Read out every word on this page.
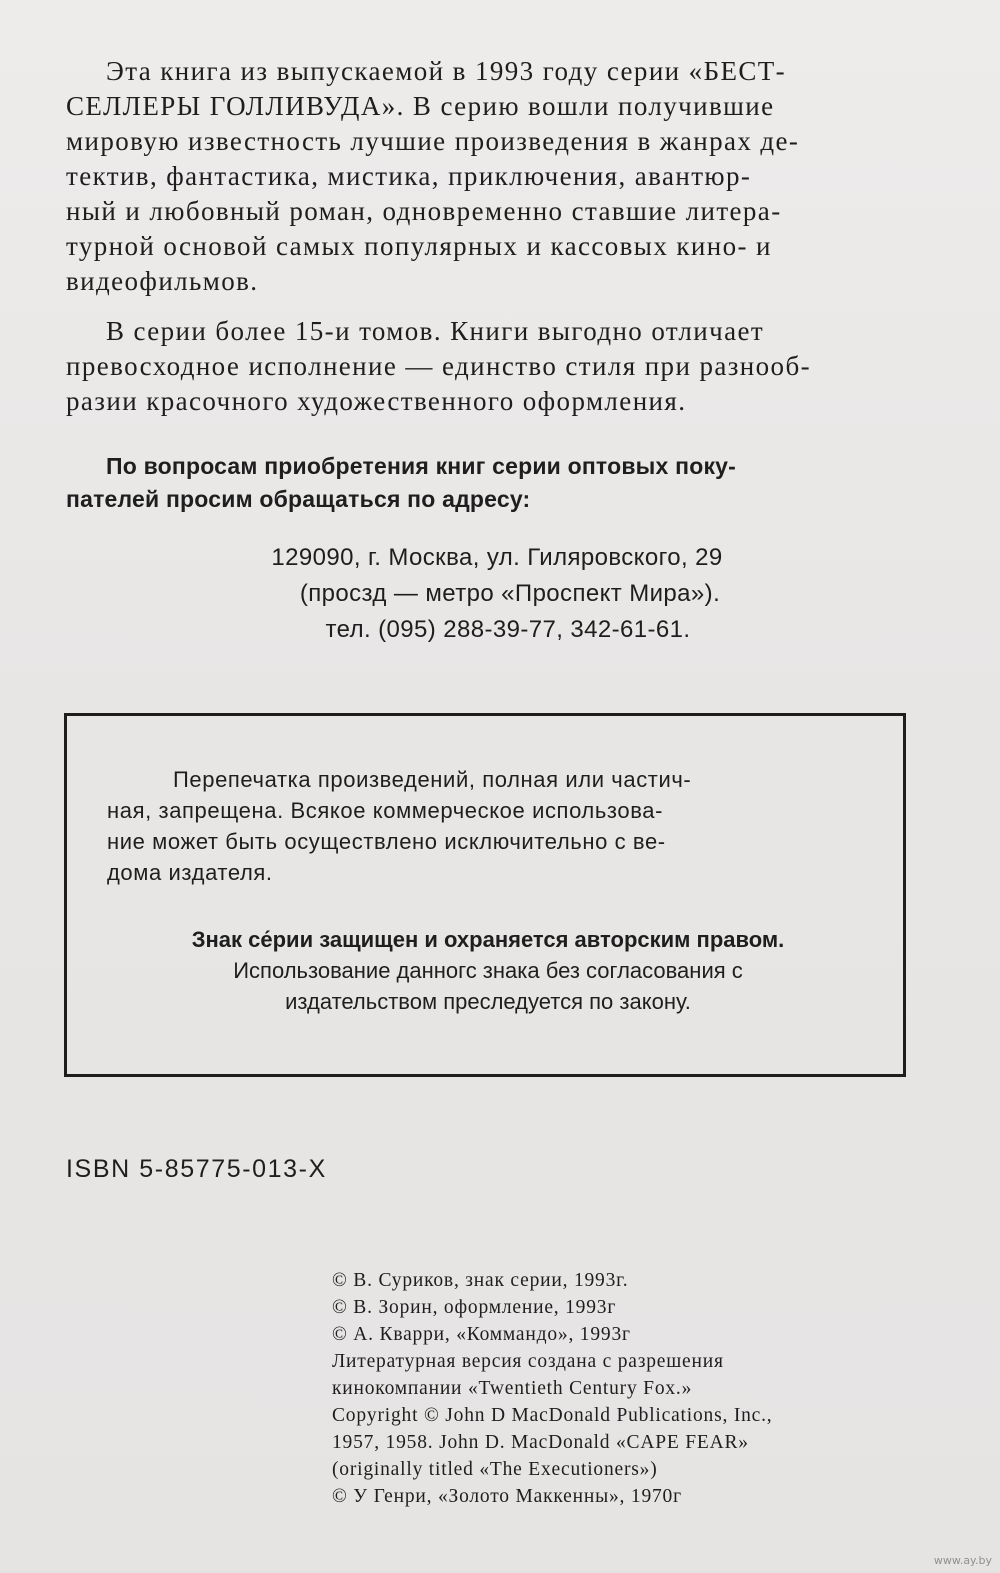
Эта книга из выпускаемой в 1993 году серии «БЕСТ-
СЕЛЛЕРЫ ГОЛЛИВУДА». В серию вошли получившие
мировую известность лучшие произведения в жанрах де-
тектив, фантастика, мистика, приключения, авантюр-
ный и любовный роман, одновременно ставшие литера-
турной основой самых популярных и кассовых кино- и
видеофильмов.
В серии более 15-и томов. Книги выгодно отличает
превосходное исполнение — единство стиля при разнооб-
разии красочного художественного оформления.
По вопросам приобретения книг серии оптовых поку-
пателей просим обращаться по адресу:
129090, г. Москва, ул. Гиляровского, 29
(просзд — метро «Проспект Мира»).
тел. (095) 288-39-77, 342-61-61.
Перепечатка произведений, полная или частич-
ная, запрещена. Всякое коммерческое использова-
ние может быть осуществлено исключительно с ве-
дома издателя.
Знак се́рии защищен и охраняется авторским правом.
Использование данногс знака без согласования с
издательством преследуется по закону.
ISBN 5-85775-013-X
© В. Суриков, знак серии, 1993г.
© В. Зорин, оформление, 1993г
© А. Кварри, «Коммандо», 1993г
Литературная версия создана с разрешения
кинокомпании «Twentieth Century Fox.»
Copyright © John D MacDonald Publications, Inc.,
1957, 1958. John D. MacDonald «CAPE FEAR»
(originally titled «The Executioners»)
© У Генри, «Золото Маккенны», 1970г
www.ay.by
